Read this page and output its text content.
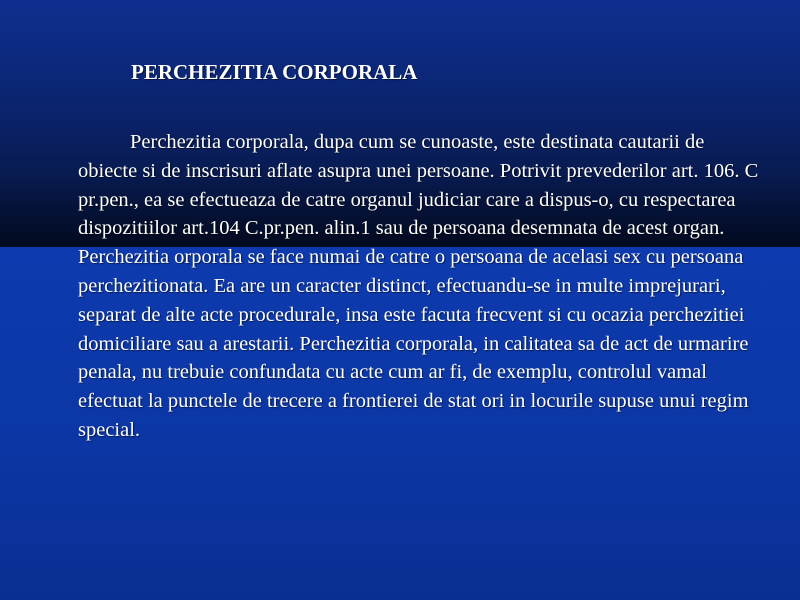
PERCHEZITIA CORPORALA

Perchezitia corporala, dupa cum se cunoaste, este destinata cautarii de obiecte si de inscrisuri aflate asupra unei persoane. Potrivit prevederilor art. 106. C pr.pen., ea se efectueaza de catre organul judiciar care a dispus-o, cu respectarea dispozitiilor art.104 C.pr.pen. alin.1 sau de persoana desemnata de acest organ. Perchezitia orporala se face numai de catre o persoana de acelasi sex cu persoana perchezitionata. Ea are un caracter distinct, efectuandu-se in multe imprejurari, separat de alte acte procedurale, insa este facuta frecvent si cu ocazia perchezitiei domiciliare sau a arestarii. Perchezitia corporala, in calitatea sa de act de urmarire penala, nu trebuie confundata cu acte cum ar fi, de exemplu, controlul vamal efectuat la punctele de trecere a frontierei de stat ori in locurile supuse unui regim special.
